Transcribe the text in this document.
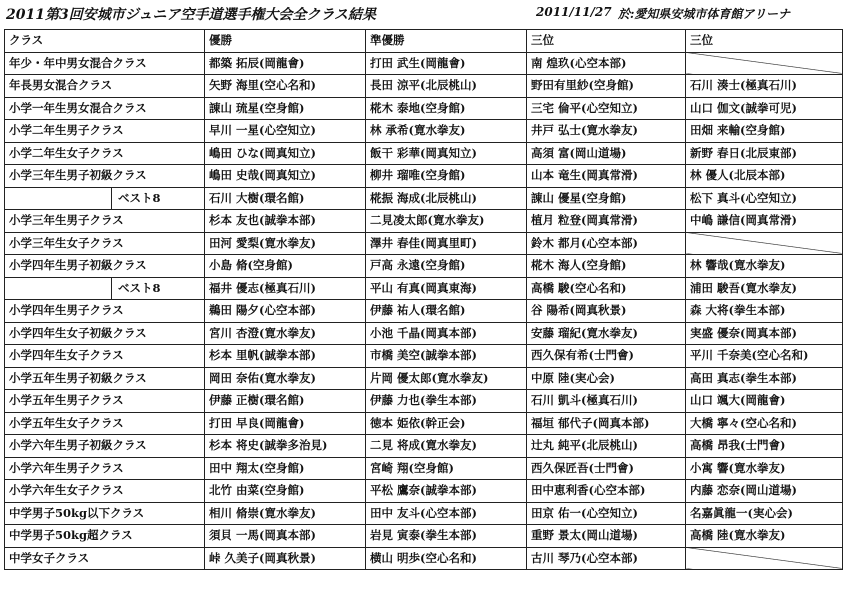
2011第3回安城市ジュニア空手道選手権大会全クラス結果	2011/11/27 於:愛知県安城市体育館アリーナ
クラス	優勝	準優勝	三位	三位
年少・年中男女混合クラス	都築 拓辰(岡龍會)	打田 武生(岡龍會)	南 煌玖(心空本部)	
年長男女混合クラス	矢野 海里(空心名和)	長田 涼平(北辰桃山)	野田有里紗(空身館)	石川 湊士(極真石川)
小学一年生男女混合クラス	諌山 琉星(空身館)	椛木 泰地(空身館)	三宅 倫平(心空知立)	山口 伽文(誠拳可児)
小学二年生男子クラス	早川 一星(心空知立)	林 承希(寛水拳友)	井戸 弘士(寛水拳友)	田畑 来輸(空身館)
小学二年生女子クラス	嶋田 ひな(岡真知立)	飯干 彩華(岡真知立)	高須 富(岡山道場)	新野 春日(北辰東部)
小学三年生男子初級クラス	嶋田 史哉(岡真知立)	柳井 瑠唯(空身館)	山本 竜生(岡真常滑)	林 優人(北辰本部)

ベスト8	石川 大樹(環名館)	椛振 海成(北辰桃山)	諌山 優星(空身館)	松下 真斗(心空知立)
小学三年生男子クラス	杉本 友也(誠拳本部)	二見凌太郎(寛水拳友)	植月 粒登(岡真常滑)	中嶋 謙信(岡真常滑)
小学三年生女子クラス	田河 愛梨(寛水拳友)	澤井 春佳(岡真里町)	鈴木 都月(心空本部)	
小学四年生男子初級クラス	小島 脩(空身館)	戸高 永遠(空身館)	椛木 海人(空身館)	林 響哉(寛水拳友)

ベスト8	福井 優志(極真石川)	平山 有真(岡真東海)	高橋 駿(空心名和)	浦田 駿吾(寛水拳友)
小学四年生男子クラス	鵜田 陽夕(心空本部)	伊藤 祐人(環名館)	谷 陽希(岡真秋景)	森 大将(拳生本部)
小学四年生女子初級クラス	宮川 杏澄(寛水拳友)	小池 千晶(岡真本部)	安藤 瑠紀(寛水拳友)	実盛 優奈(岡真本部)
小学四年生女子クラス	杉本 里帆(誠拳本部)	市橋 美空(誠拳本部)	西久保有希(士門會)	平川 千奈美(空心名和)
小学五年生男子初級クラス	岡田 奈佑(寛水拳友)	片岡 優太郎(寛水拳友)	中原 陸(実心会)	高田 真志(拳生本部)
小学五年生男子クラス	伊藤 正樹(環名館)	伊藤 力也(拳生本部)	石川 凱斗(極真石川)	山口 颯大(岡龍會)
小学五年生女子クラス	打田 早良(岡龍會)	徳本 姫依(幹正会)	福垣 郁代子(岡真本部)	大橋 寧々(空心名和)
小学六年生男子初級クラス	杉本 将史(誠拳多治見)	二見 将成(寛水拳友)	辻丸 純平(北辰桃山)	高橋 昂我(士門會)
小学六年生男子クラス	田中 翔太(空身館)	宮崎 翔(空身館)	西久保匠吾(士門會)	小寓 響(寛水拳友)
小学六年生女子クラス	北竹 由菜(空身館)	平松 鷹奈(誠拳本部)	田中恵利香(心空本部)	内藤 恋奈(岡山道場)
中学男子50kg以下クラス	相川 脩崇(寛水拳友)	田中 友斗(心空本部)	田京 佑一(心空知立)	名嘉眞龍一(実心会)
中学男子50kg超クラス	須貝 一馬(岡真本部)	岩見 寅泰(拳生本部)	重野 景太(岡山道場)	高橋 陸(寛水拳友)
中学女子クラス	峠 久美子(岡真秋景)	横山 明歩(空心名和)	古川 琴乃(心空本部)	
